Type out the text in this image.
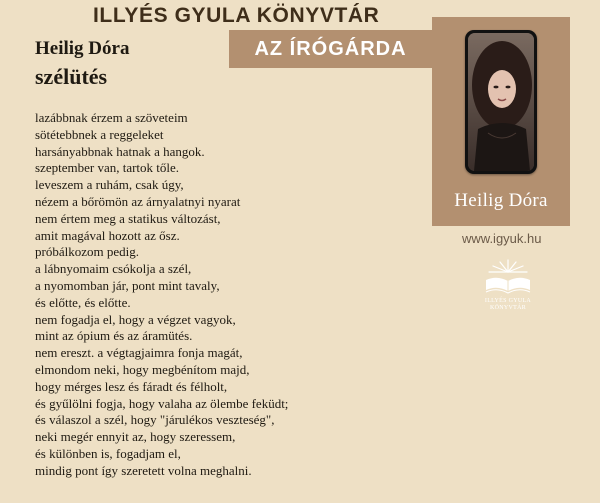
ILLYÉS GYULA KÖNYVTÁR
Heilig Dóra
szélütés
AZ ÍRÓGÁRDA
Heilig Dóra
www.igyuk.hu
ILLYÉS GYULA
KÖNYVTÁR
lazábbnak érzem a szöveteim
sötétebbnek a reggeleket
harsányabbnak hatnak a hangok.
szeptember van, tartok tőle.
leveszem a ruhám, csak úgy,
nézem a bőrömön az árnyalatnyi nyarat
nem értem meg a statikus változást,
amit magával hozott az ősz.
próbálkozom pedig.
a lábnyomaim csókolja a szél,
a nyomomban jár, pont mint tavaly,
és előtte, és előtte.
nem fogadja el, hogy a végzet vagyok,
mint az ópium és az áramütés.
nem ereszt. a végtagjaimra fonja magát,
elmondom neki, hogy megbénítom majd,
hogy mérges lesz és fáradt és félholt,
és gyűlölni fogja, hogy valaha az ölembe feküdt;
és válaszol a szél, hogy "járulékos veszteség",
neki megér ennyit az, hogy szeressem,
és különben is, fogadjam el,
mindig pont így szeretett volna meghalni.
